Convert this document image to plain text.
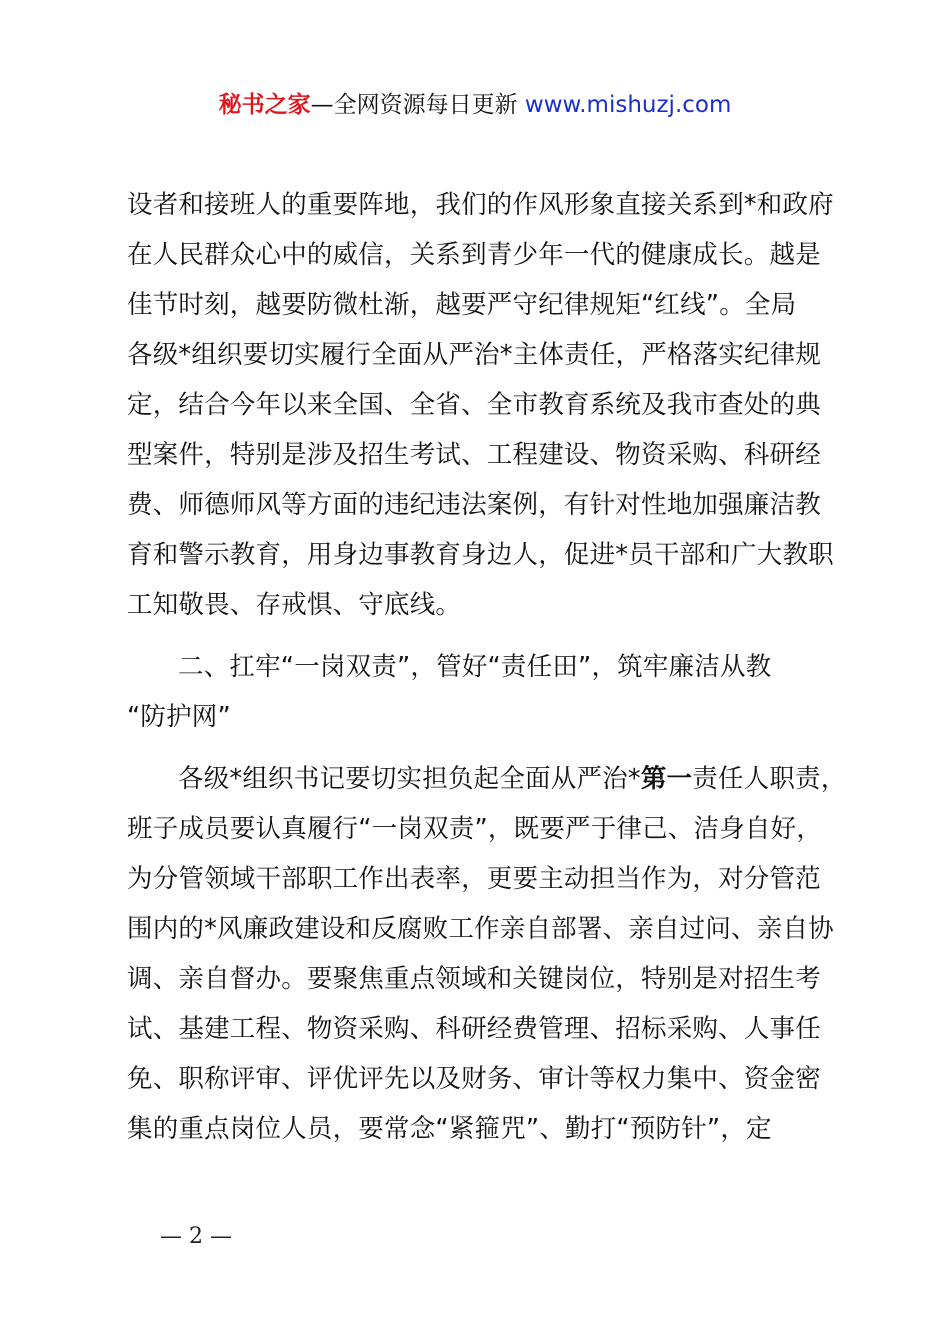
秘书之家—全网资源每日更新 www.mishuzj.com
设者和接班人的重要阵地，我们的作风形象直接关系到*和政府
在人民群众心中的威信，关系到青少年一代的健康成长。越是
佳节时刻，越要防微杜渐，越要严守纪律规矩“红线”。全局
各级*组织要切实履行全面从严治*主体责任，严格落实纪律规
定，结合今年以来全国、全省、全市教育系统及我市查处的典
型案件，特别是涉及招生考试、工程建设、物资采购、科研经
费、师德师风等方面的违纪违法案例，有针对性地加强廉洁教
育和警示教育，用身边事教育身边人，促进*员干部和广大教职
工知敬畏、存戒惧、守底线。
二、扛牢“一岗双责”，管好“责任田”，筑牢廉洁从教
“防护网”
各级*组织书记要切实担负起全面从严治*第一责任人职责，
班子成员要认真履行“一岗双责”，既要严于律己、洁身自好，
为分管领域干部职工作出表率，更要主动担当作为，对分管范
围内的*风廉政建设和反腐败工作亲自部署、亲自过问、亲自协
调、亲自督办。要聚焦重点领域和关键岗位，特别是对招生考
试、基建工程、物资采购、科研经费管理、招标采购、人事任
免、职称评审、评优评先以及财务、审计等权力集中、资金密
集的重点岗位人员，要常念“紧箍咒”、勤打“预防针”，定
— 2 —
